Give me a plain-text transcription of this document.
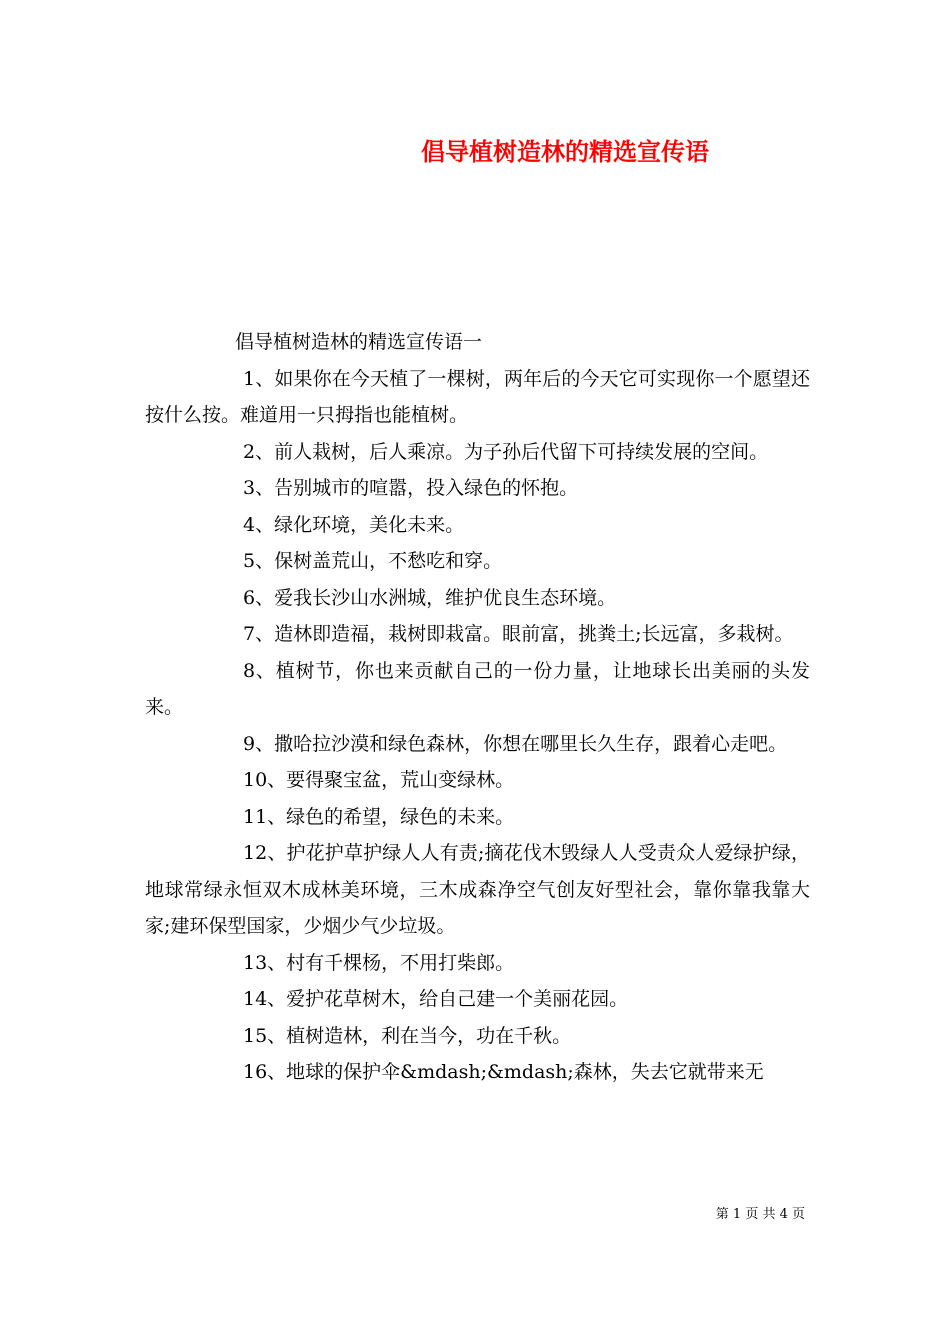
倡导植树造林的精选宣传语

倡导植树造林的精选宣传语一

1、如果你在今天植了一棵树，两年后的今天它可实现你一个愿望还按什么按。难道用一只拇指也能植树。

2、前人栽树，后人乘凉。为子孙后代留下可持续发展的空间。

3、告别城市的喧嚣，投入绿色的怀抱。

4、绿化环境，美化未来。

5、保树盖荒山，不愁吃和穿。

6、爱我长沙山水洲城，维护优良生态环境。

7、造林即造福，栽树即栽富。眼前富，挑粪土;长远富，多栽树。

8、植树节，你也来贡献自己的一份力量，让地球长出美丽的头发来。

9、撒哈拉沙漠和绿色森林，你想在哪里长久生存，跟着心走吧。

10、要得聚宝盆，荒山变绿林。

11、绿色的希望，绿色的未来。

12、护花护草护绿人人有责;摘花伐木毁绿人人受责众人爱绿护绿，地球常绿永恒双木成林美环境，三木成森净空气创友好型社会，靠你靠我靠大家;建环保型国家，少烟少气少垃圾。

13、村有千棵杨，不用打柴郎。

14、爱护花草树木，给自己建一个美丽花园。

15、植树造林，利在当今，功在千秋。

16、地球的保护伞&mdash;&mdash;森林，失去它就带来无

第 1 页 共 4 页
